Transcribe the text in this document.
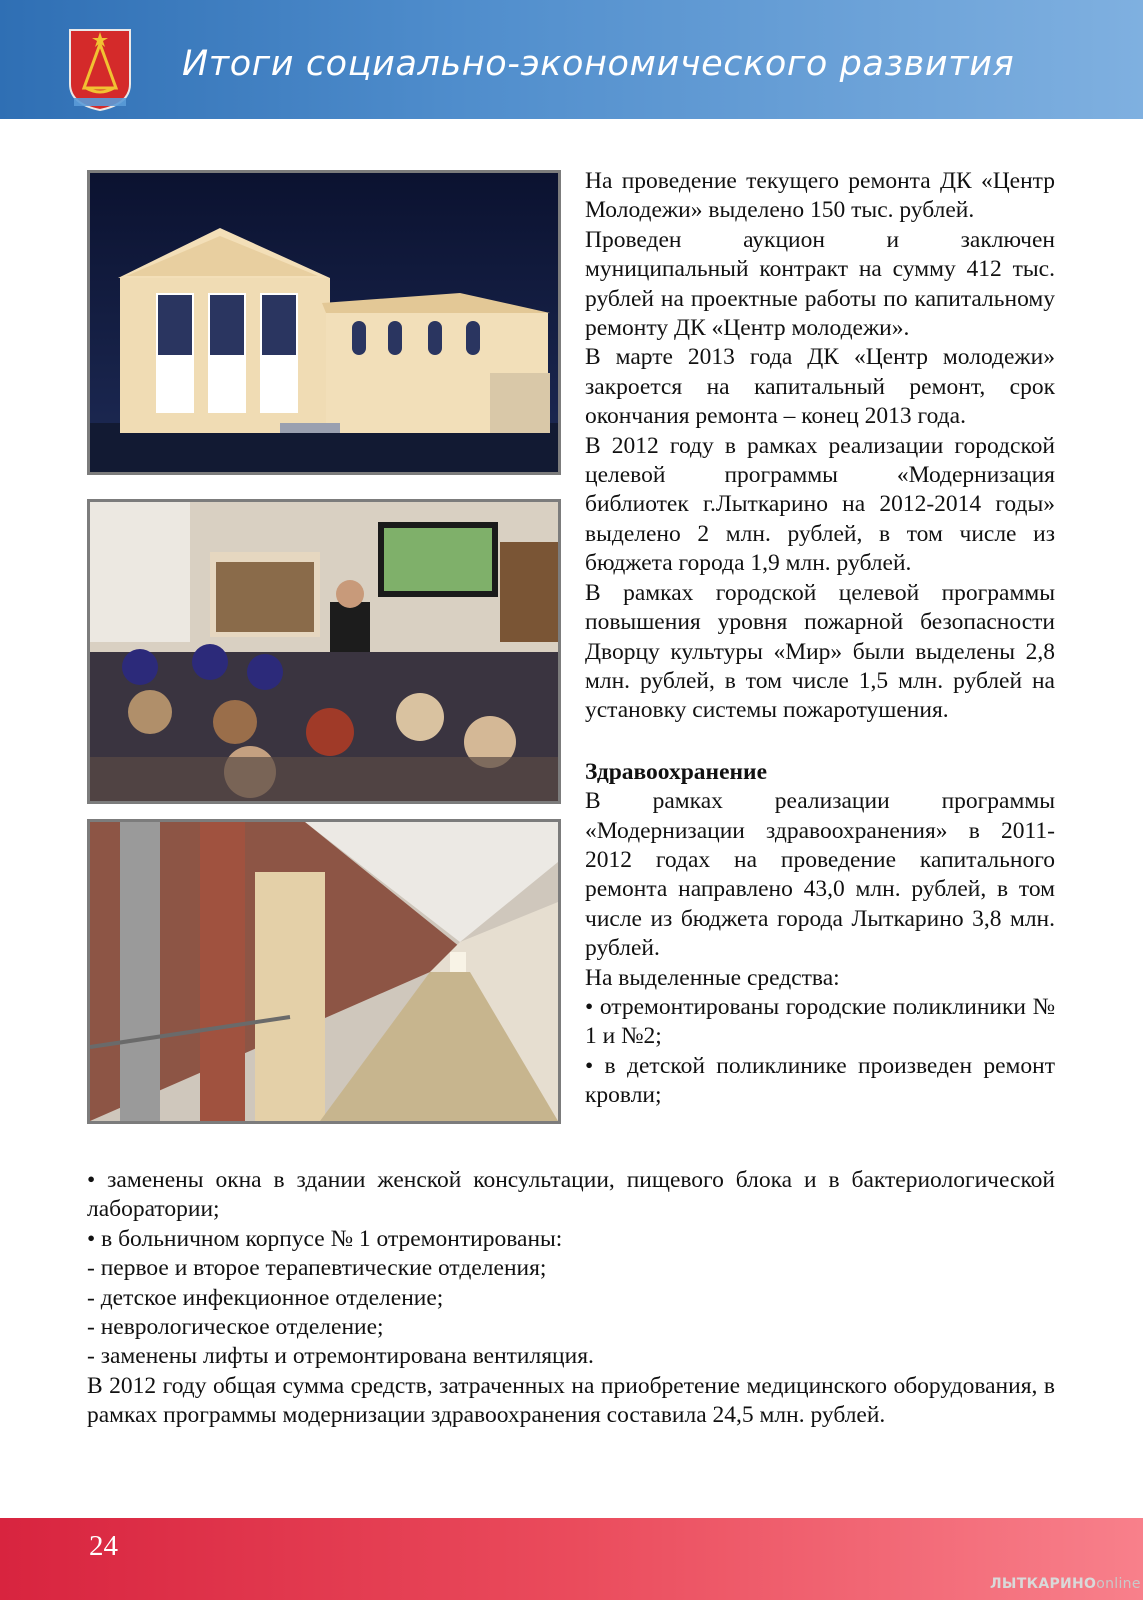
Итоги социально-экономического развития

На проведение текущего ремонта ДК «Центр Молодежи» выделено 150 тыс. рублей.

Проведен аукцион и заключен муниципальный контракт на сумму 412 тыс. рублей на проектные работы по капитальному ремонту ДК «Центр молодежи».

В марте 2013 года ДК «Центр молодежи» закроется на капитальный ремонт, срок окончания ремонта – конец 2013 года.

В 2012 году в рамках реализации городской целевой программы «Модернизация библиотек г.Лыткарино на 2012-2014 годы» выделено 2 млн. рублей, в том числе из бюджета города 1,9 млн. рублей.

В рамках городской целевой программы повышения уровня пожарной безопасности Дворцу культуры «Мир» были выделены 2,8 млн. рублей, в том числе 1,5 млн. рублей на установку системы пожаротушения.

Здравоохранение

В рамках реализации программы «Модернизации здравоохранения» в 2011-2012 годах на проведение капитального ремонта направлено 43,0 млн. рублей, в том числе из бюджета города Лыткарино 3,8 млн. рублей.

На выделенные средства:

• отремонтированы городские поликлиники № 1 и №2;

• в детской поликлинике произведен ремонт кровли;

• заменены окна в здании женской консультации, пищевого блока и в бактериологической лаборатории;

• в больничном корпусе № 1 отремонтированы:

- первое и второе терапевтические отделения;

- детское инфекционное отделение;

- неврологическое отделение;

- заменены лифты и отремонтирована вентиляция.

В 2012 году общая сумма средств, затраченных на приобретение медицинского оборудования, в рамках программы модернизации здравоохранения составила 24,5 млн. рублей.

24
ЛЫТКАРИНОonline
